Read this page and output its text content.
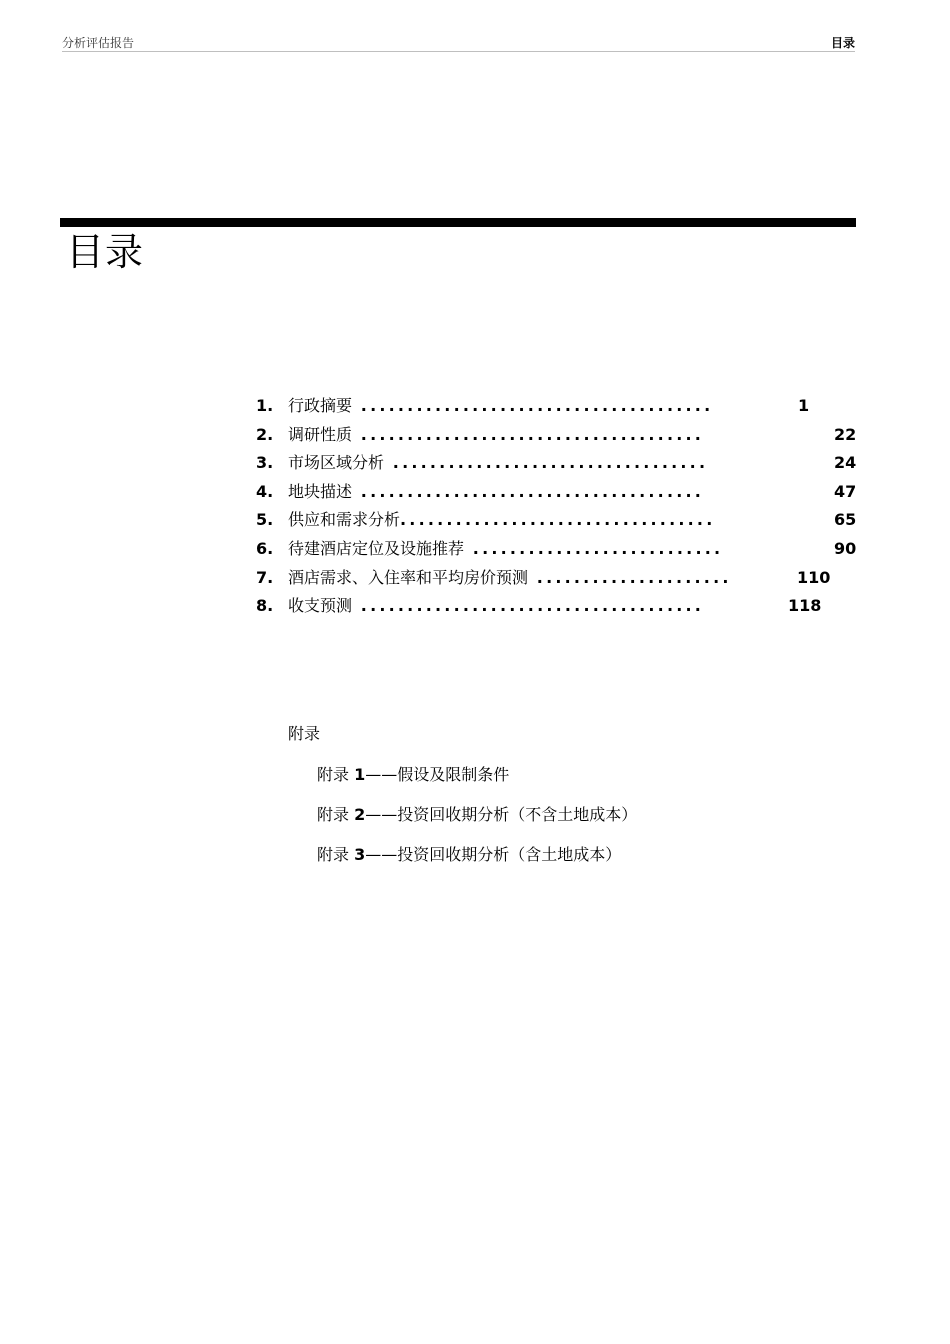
分析评估报告	目录
目录
1. 行政摘要 ......................................	1
2. 调研性质 .....................................	22
3. 市场区域分析 ..................................	24
4. 地块描述 .....................................	47
5. 供应和需求分析..................................	65
6. 待建酒店定位及设施推荐 ...........................	90
7. 酒店需求、入住率和平均房价预测 .....................	110
8. 收支预测 .....................................	118
附录
附录 1——假设及限制条件
附录 2——投资回收期分析（不含土地成本）
附录 3——投资回收期分析（含土地成本）
